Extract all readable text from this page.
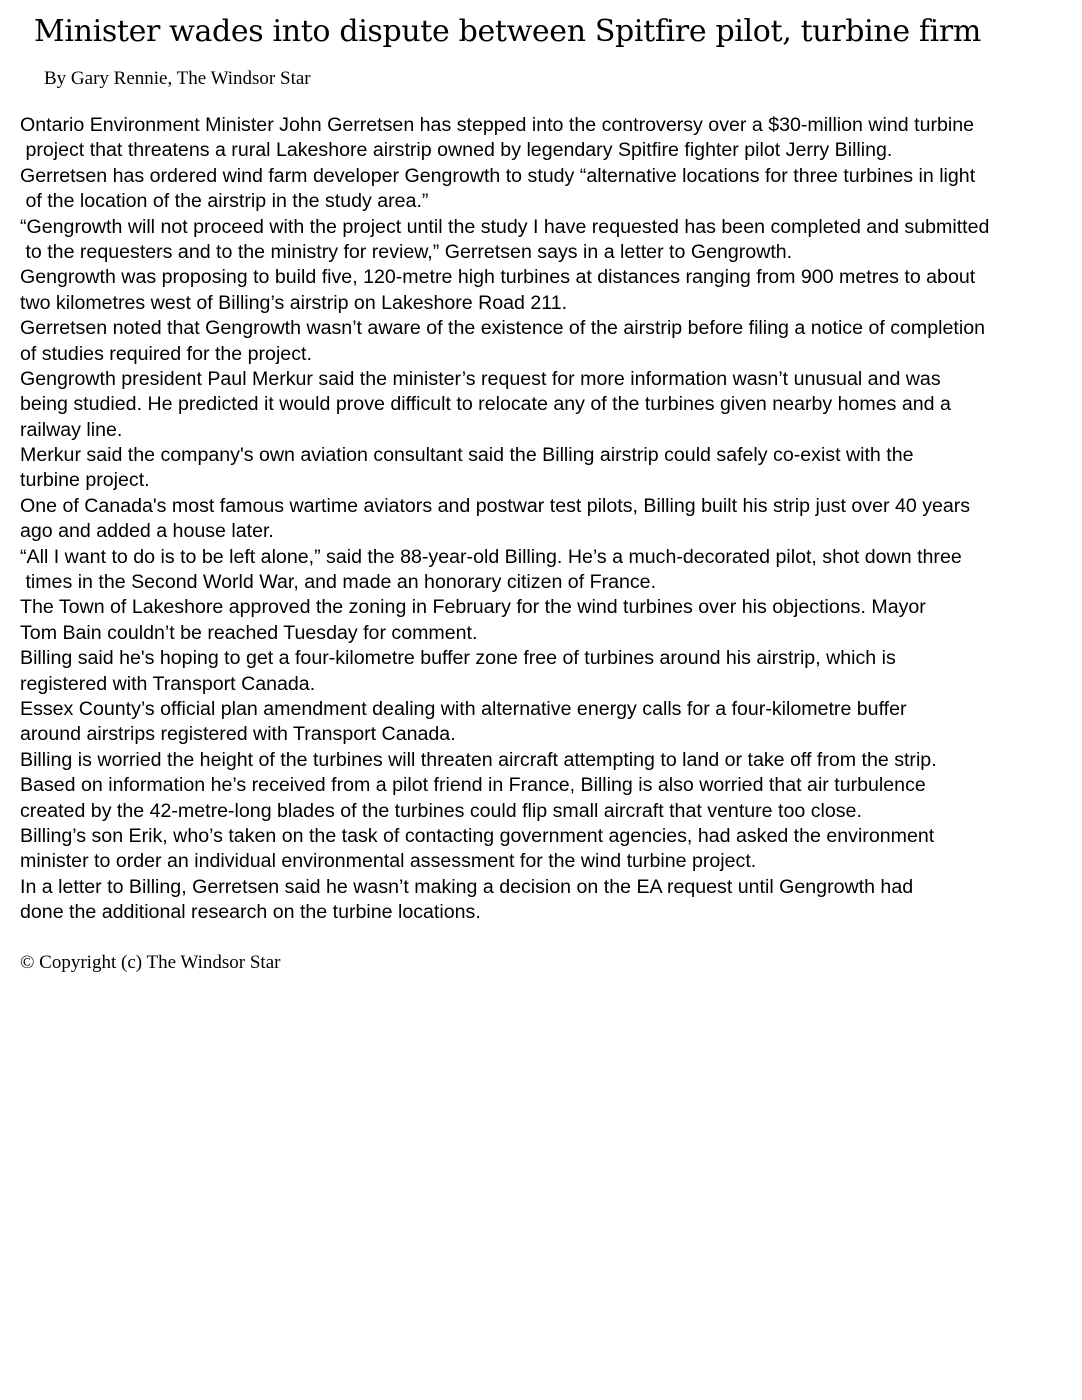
Minister wades into dispute between Spitfire pilot, turbine firm

By Gary Rennie, The Windsor Star

Ontario Environment Minister John Gerretsen has stepped into the controversy over a $30-million wind turbine
project that threatens a rural Lakeshore airstrip owned by legendary Spitfire fighter pilot Jerry Billing.
Gerretsen has ordered wind farm developer Gengrowth to study “alternative locations for three turbines in light
of the location of the airstrip in the study area.”
“Gengrowth will not proceed with the project until the study I have requested has been completed and submitted
to the requesters and to the ministry for review,” Gerretsen says in a letter to Gengrowth.
Gengrowth was proposing to build five, 120-metre high turbines at distances ranging from 900 metres to about
two kilometres west of Billing’s airstrip on Lakeshore Road 211.
Gerretsen noted that Gengrowth wasn’t aware of the existence of the airstrip before filing a notice of completion
of studies required for the project.
Gengrowth president Paul Merkur said the minister’s request for more information wasn’t unusual and was
being studied. He predicted it would prove difficult to relocate any of the turbines given nearby homes and a
railway line.
Merkur said the company's own aviation consultant said the Billing airstrip could safely co-exist with the
turbine project.
One of Canada's most famous wartime aviators and postwar test pilots, Billing built his strip just over 40 years
ago and added a house later.
“All I want to do is to be left alone,” said the 88-year-old Billing. He’s a much-decorated pilot, shot down three
times in the Second World War, and made an honorary citizen of France.
The Town of Lakeshore approved the zoning in February for the wind turbines over his objections. Mayor
Tom Bain couldn’t be reached Tuesday for comment.
Billing said he's hoping to get a four-kilometre buffer zone free of turbines around his airstrip, which is
registered with Transport Canada.
Essex County’s official plan amendment dealing with alternative energy calls for a four-kilometre buffer
around airstrips registered with Transport Canada.
Billing is worried the height of the turbines will threaten aircraft attempting to land or take off from the strip.
Based on information he’s received from a pilot friend in France, Billing is also worried that air turbulence
created by the 42-metre-long blades of the turbines could flip small aircraft that venture too close.
Billing’s son Erik, who’s taken on the task of contacting government agencies, had asked the environment
minister to order an individual environmental assessment for the wind turbine project.
In a letter to Billing, Gerretsen said he wasn’t making a decision on the EA request until Gengrowth had
done the additional research on the turbine locations.

© Copyright (c) The Windsor Star
